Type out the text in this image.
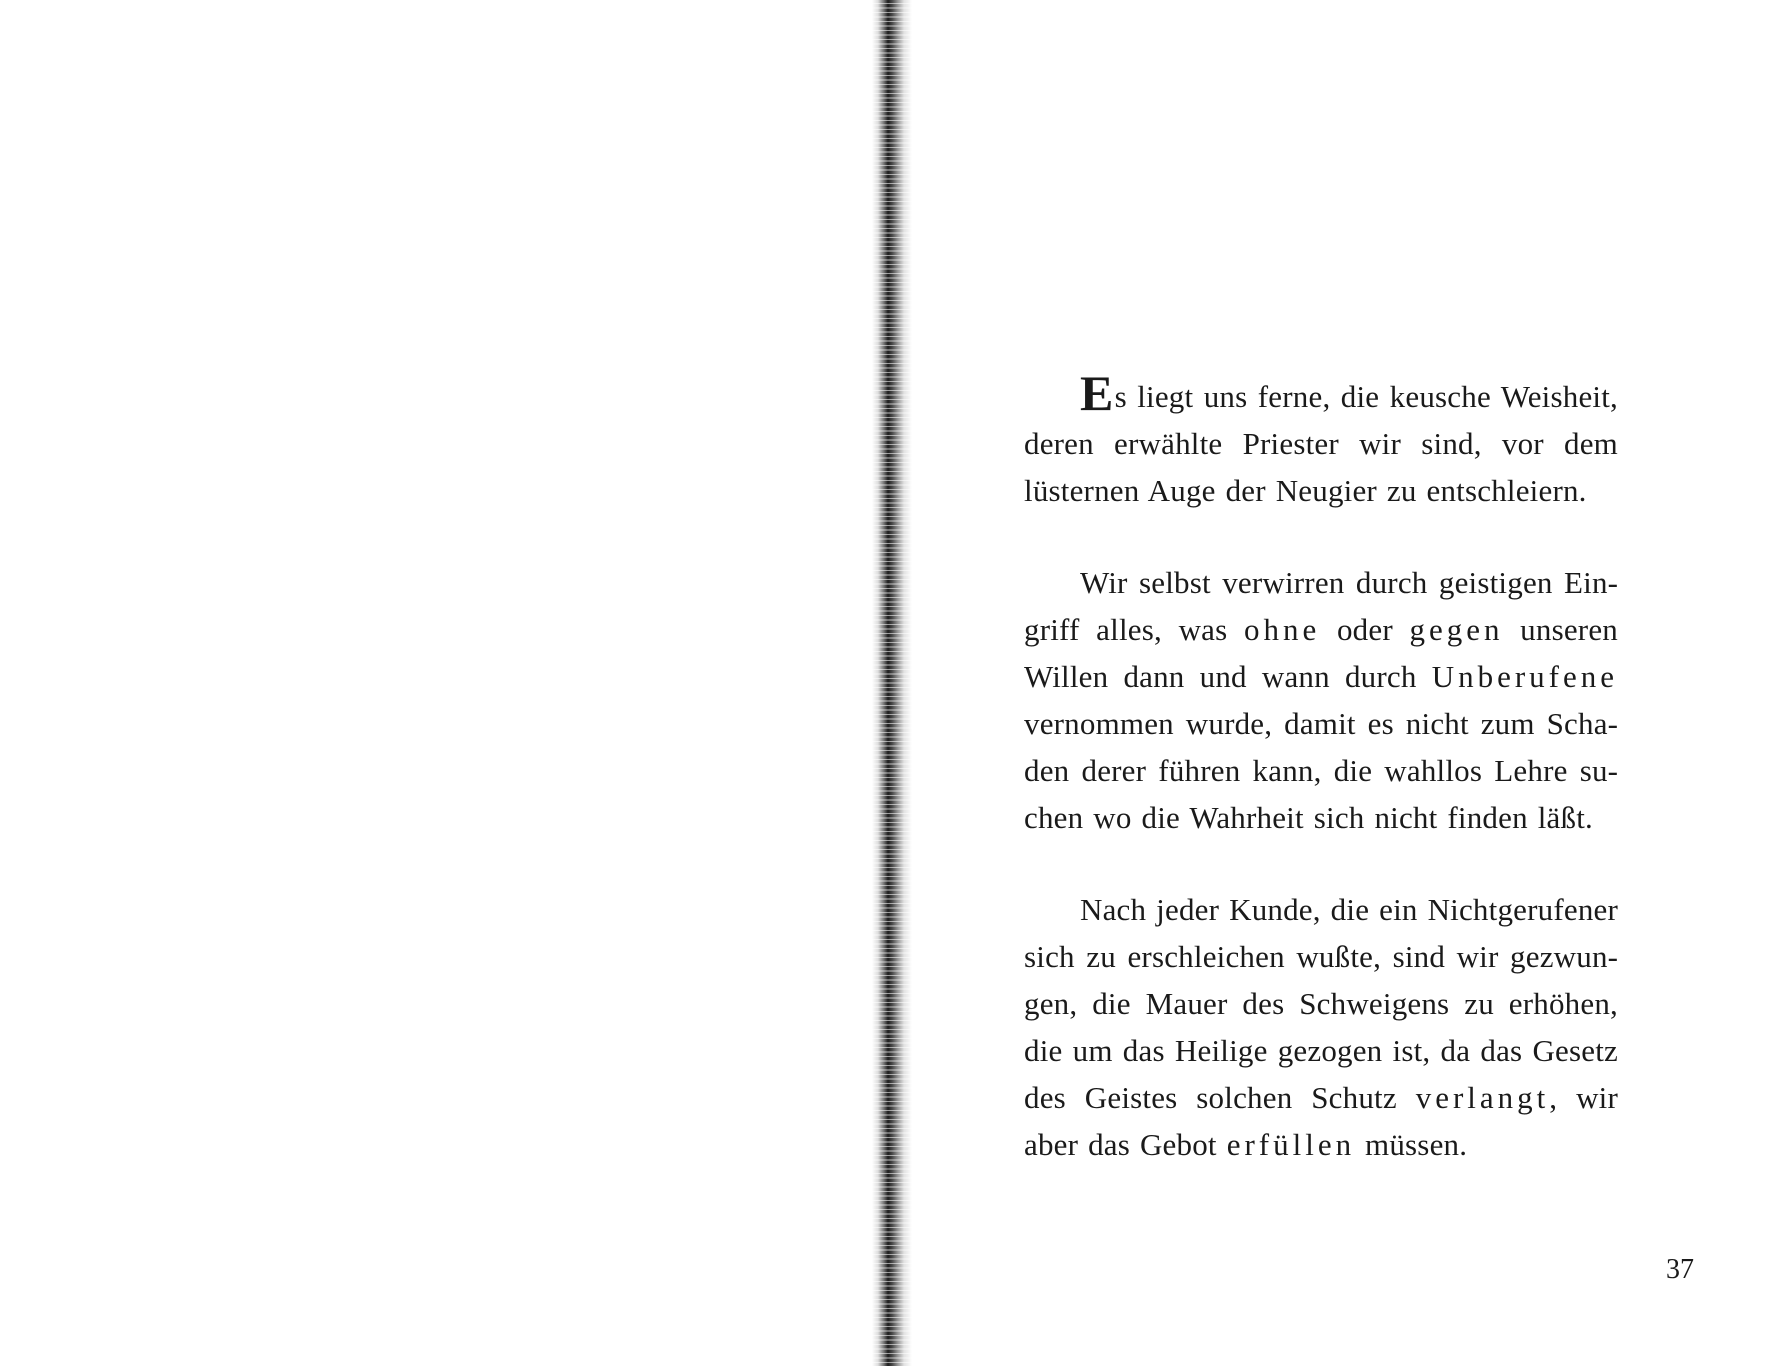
Es liegt uns ferne, die keusche Weisheit, deren erwählte Priester wir sind, vor dem lüsternen Auge der Neugier zu entschleiern.

Wir selbst verwirren durch geistigen Eingriff alles, was ohne oder gegen unseren Willen dann und wann durch Unberufene vernommen wurde, damit es nicht zum Schaden derer führen kann, die wahllos Lehre suchen wo die Wahrheit sich nicht finden läßt.

Nach jeder Kunde, die ein Nichtgerufener sich zu erschleichen wußte, sind wir gezwungen, die Mauer des Schweigens zu erhöhen, die um das Heilige gezogen ist, da das Gesetz des Geistes solchen Schutz verlangt, wir aber das Gebot erfüllen müssen.

37
